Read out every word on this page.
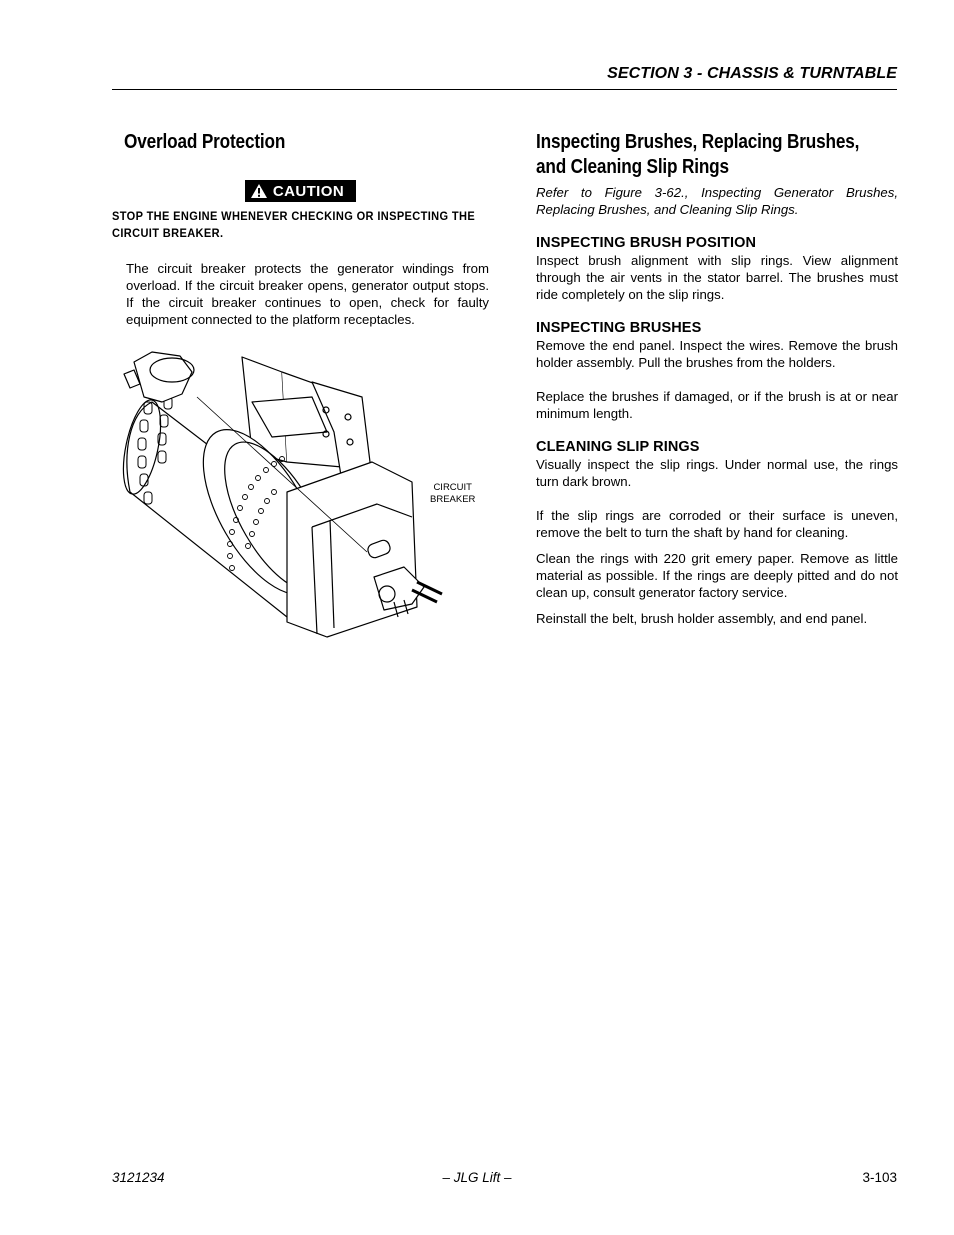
SECTION 3 - CHASSIS & TURNTABLE
Overload Protection
CAUTION
STOP THE ENGINE WHENEVER CHECKING OR INSPECTING THE CIRCUIT BREAKER.
The circuit breaker protects the generator windings from overload. If the circuit breaker opens, generator output stops. If the circuit breaker continues to open, check for faulty equipment connected to the platform receptacles.
CIRCUIT
BREAKER
Inspecting Brushes, Replacing Brushes,
and Cleaning Slip Rings
Refer to Figure 3-62., Inspecting Generator Brushes, Replacing Brushes, and Cleaning Slip Rings.
INSPECTING BRUSH POSITION

Inspect brush alignment with slip rings. View alignment through the air vents in the stator barrel. The brushes must ride completely on the slip rings.

INSPECTING BRUSHES

Remove the end panel. Inspect the wires. Remove the brush holder assembly. Pull the brushes from the holders.

Replace the brushes if damaged, or if the brush is at or near minimum length.

CLEANING SLIP RINGS

Visually inspect the slip rings. Under normal use, the rings turn dark brown.

If the slip rings are corroded or their surface is uneven, remove the belt to turn the shaft by hand for cleaning.

Clean the rings with 220 grit emery paper. Remove as little material as possible. If the rings are deeply pitted and do not clean up, consult generator factory service.

Reinstall the belt, brush holder assembly, and end panel.

3121234	– JLG Lift –	3-103
